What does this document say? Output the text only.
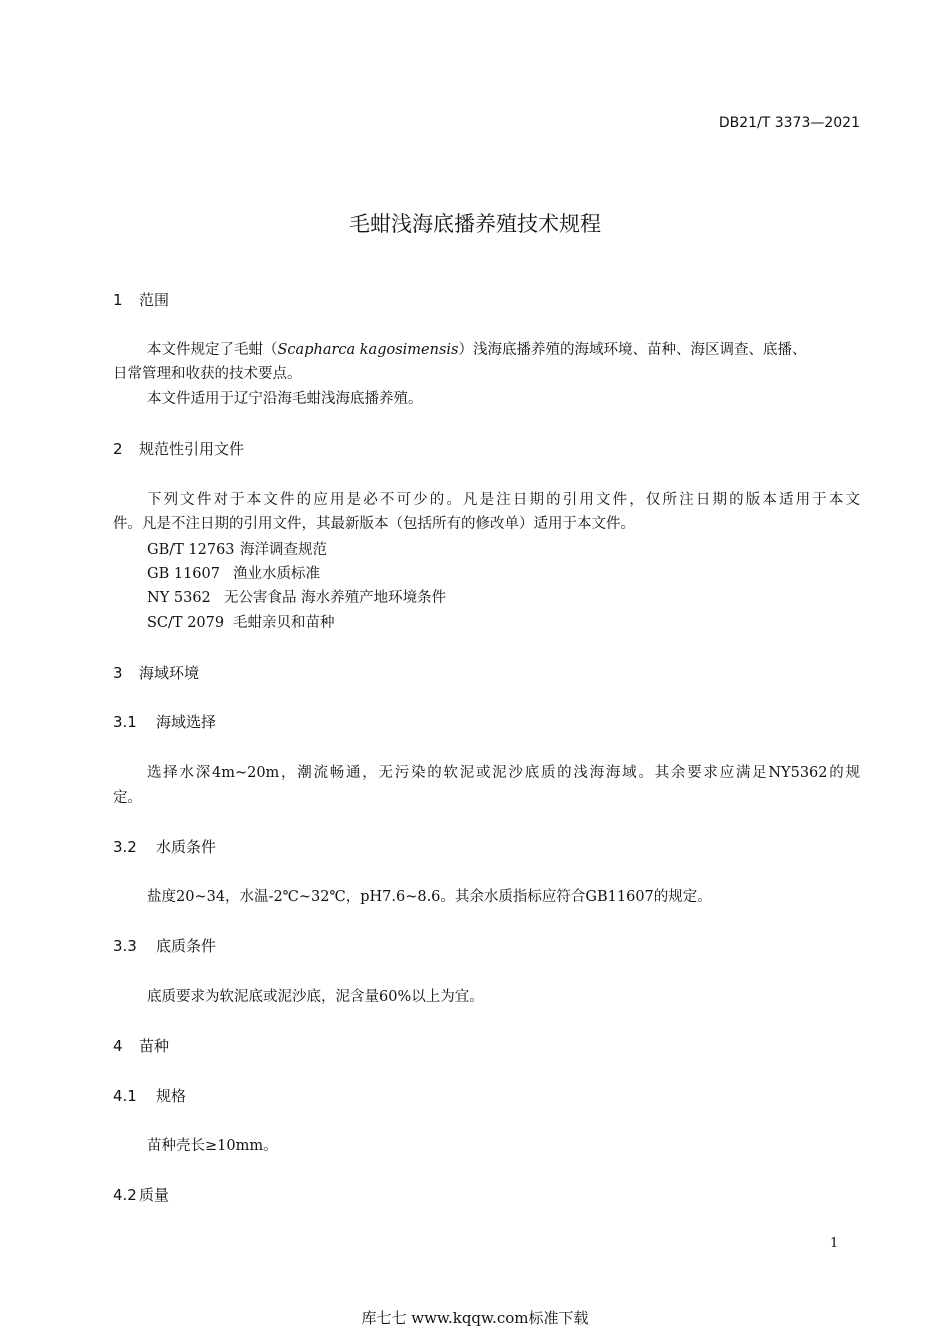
DB21/T 3373—2021
毛蚶浅海底播养殖技术规程
1 范围
本文件规定了毛蚶（Scapharca kagosimensis）浅海底播养殖的海域环境、苗种、海区调查、底播、
日常管理和收获的技术要点。
本文件适用于辽宁沿海毛蚶浅海底播养殖。
2 规范性引用文件
下列文件对于本文件的应用是必不可少的。凡是注日期的引用文件，仅所注日期的版本适用于本文
件。凡是不注日期的引用文件，其最新版本（包括所有的修改单）适用于本文件。
GB/T 12763 海洋调查规范
GB 11607 渔业水质标准
NY 5362 无公害食品 海水养殖产地环境条件
SC/T 2079 毛蚶亲贝和苗种
3 海域环境
3.1 海域选择
选择水深4m~20m，潮流畅通，无污染的软泥或泥沙底质的浅海海域。其余要求应满足NY5362的规
定。
3.2 水质条件
盐度20~34，水温-2℃~32℃，pH7.6~8.6。其余水质指标应符合GB11607的规定。
3.3 底质条件
底质要求为软泥底或泥沙底，泥含量60%以上为宜。
4 苗种
4.1 规格
苗种壳长≥10mm。
4.2 质量
1
库七七 www.kqqw.com标准下载
